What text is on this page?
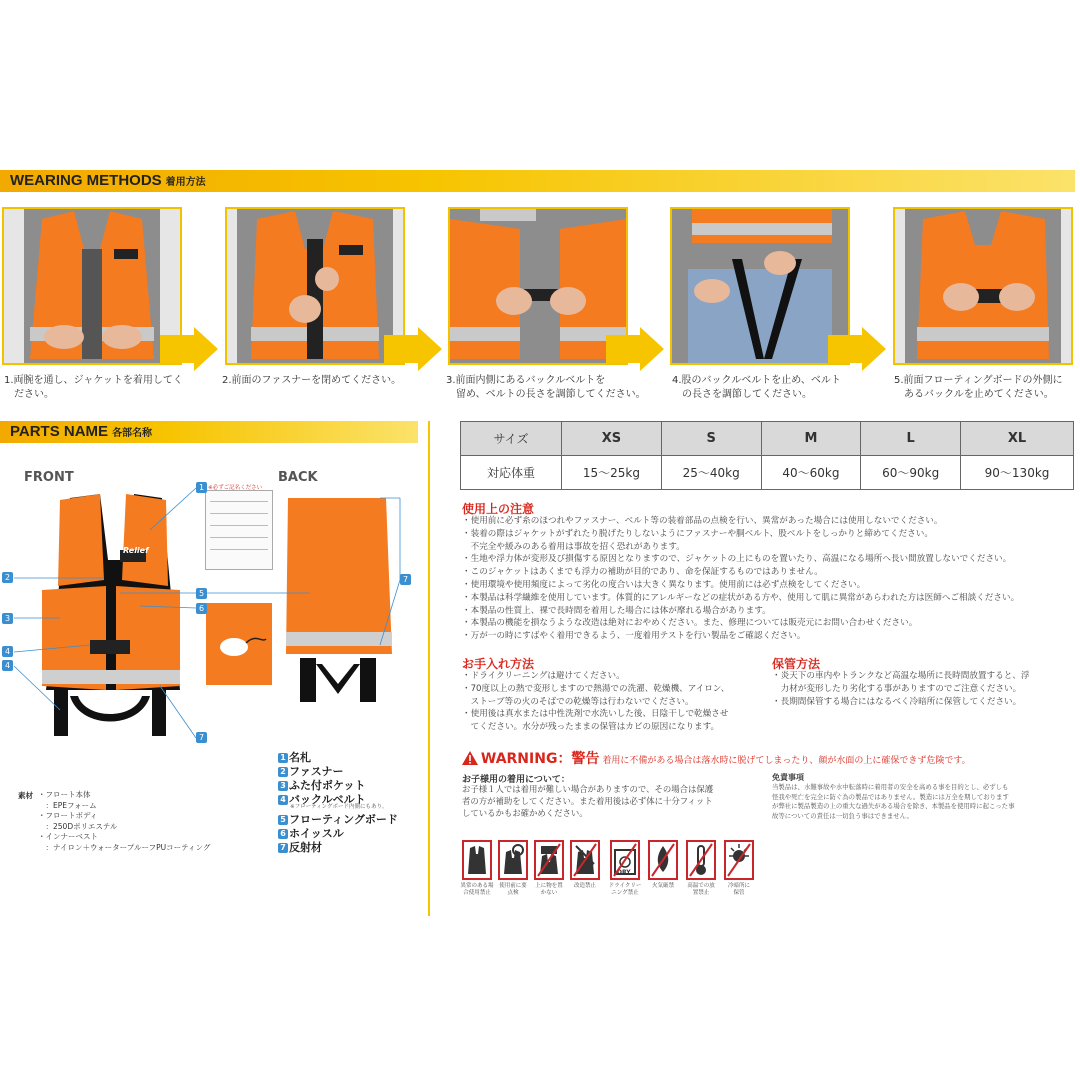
WEARING METHODS 着用方法
1.両腕を通し、ジャケットを着用してく
　ださい。
2.前面のファスナーを閉めてください。	3.前面内側にあるバックルベルトを
　留め、ベルトの長さを調節してください。
4.股のバックルベルトを止め、ベルト
　の長さを調節してください。
5.前面フローティングボードの外側に
　あるバックルを止めてください。
PARTS NAME 各部名称
FRONT	BACK
Relief
※必ずご記名ください
1
2
3
4
4
5
6
7
7
1 名札
2 ファスナー
3 ふた付ポケット
4 バックルベルト
※フローティングボード内側にもあり。
5 フローティングボード
6 ホイッスル
7 反射材
素材 ・フロート本体
　：EPEフォーム
・フロートボディ
　：250Dポリエステル
・インナーベスト
　：ナイロン＋ウォータープルーフPUコーティング
サイズ	XS	S	M	L	XL
対応体重	15〜25kg	25〜40kg	40〜60kg	60〜90kg	90〜130kg
使用上の注意
・使用前に必ず糸のほつれやファスナー、ベルト等の装着部品の点検を行い、異常があった場合には使用しないでください。
・装着の際はジャケットがずれたり脱げたりしないようにファスナーや胴ベルト、股ベルトをしっかりと締めてください。
　不完全や緩みのある着用は事故を招く恐れがあります。
・生地や浮力体が変形及び損傷する原因となりますので、ジャケットの上にものを置いたり、高温になる場所へ長い間放置しないでください。
・このジャケットはあくまでも浮力の補助が目的であり、命を保証するものではありません。
・使用環境や使用頻度によって劣化の度合いは大きく異なります。使用前には必ず点検をしてください。
・本製品は科学繊維を使用しています。体質的にアレルギーなどの症状がある方や、使用して肌に異常があらわれた方は医師へご相談ください。
・本製品の性質上、裸で長時間を着用した場合には体が摩れる場合があります。
・本製品の機能を損なうような改造は絶対におやめください。また、修理については販売元にお問い合わせください。
・万が一の時にすばやく着用できるよう、一度着用テストを行い製品をご確認ください。
お手入れ方法
・ドライクリーニングは避けてください。
・70度以上の熱で変形しますので熱湯での洗濯、乾燥機、アイロン、
　ストーブ等の火のそばでの乾燥等は行わないでください。
・使用後は真水または中性洗剤で水洗いした後、日陰干しで乾燥させ
　てください。水分が残ったままの保管はカビの原因になります。
保管方法
・炎天下の車内やトランクなど高温な場所に長時間放置すると、浮
　力材が変形したり劣化する事がありますのでご注意ください。
・長期間保管する場合にはなるべく冷暗所に保管してください。
WARNING：警告 着用に不備がある場合は落水時に脱げてしまったり、顔が水面の上に確保できず危険です。
お子様用の着用について：
お子様１人では着用が難しい場合がありますので、その場合は保護
者の方が補助をしてください。また着用後は必ず体に十分フィット
しているかもお確かめください。
免責事項
当製品は、水難事故や水中転落時に着用者の安全を高める事を目的とし、必ずしも
怪我や死亡を完全に防ぐ為の製品ではありません。製造には万全を期しております
が弊社に製品製造の上の重大な過失がある場合を除き、本製品を使用時に起こった事
故等についての責任は一切負う事はできません。
DRY
異常のある場
合使用禁止
使用前に要
点検
上に物を置
かない
改造禁止	ドライクリー
ニング禁止
火気厳禁	高温での放
置禁止
冷暗所に
保管
